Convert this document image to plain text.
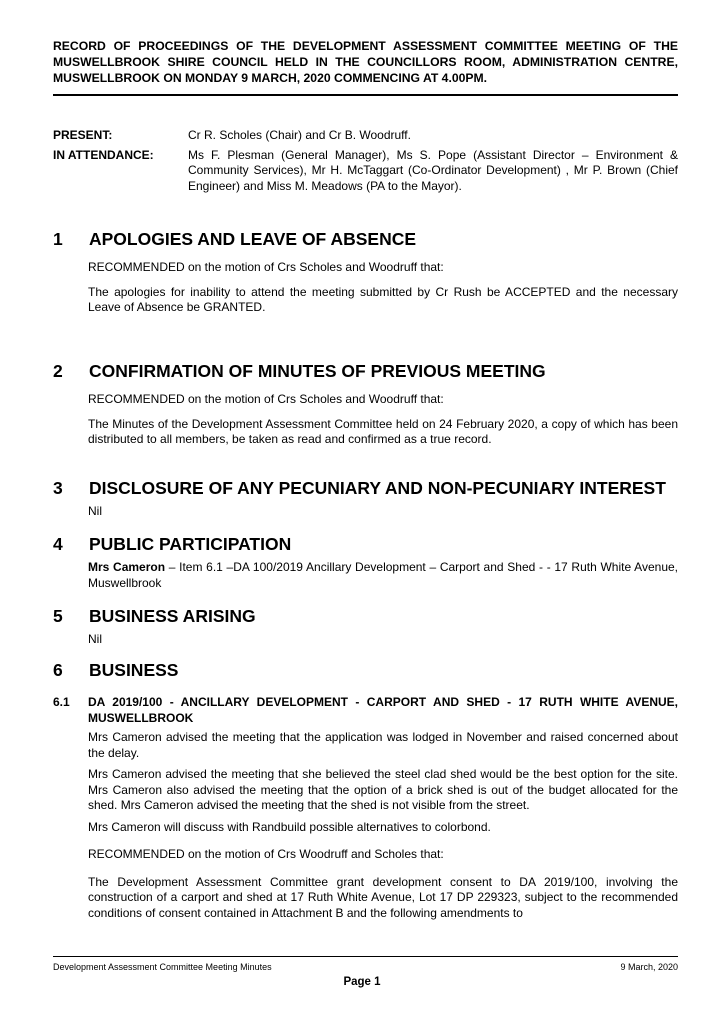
RECORD OF PROCEEDINGS OF THE DEVELOPMENT ASSESSMENT COMMITTEE MEETING OF THE MUSWELLBROOK SHIRE COUNCIL HELD IN THE COUNCILLORS ROOM, ADMINISTRATION CENTRE, MUSWELLBROOK ON MONDAY 9 MARCH, 2020 COMMENCING AT 4.00PM.
PRESENT:	Cr R. Scholes (Chair) and Cr B. Woodruff.
IN ATTENDANCE:	Ms F. Plesman (General Manager), Ms S. Pope (Assistant Director – Environment & Community Services), Mr H. McTaggart (Co-Ordinator Development) , Mr P. Brown (Chief Engineer) and Miss M. Meadows (PA to the Mayor).
1	APOLOGIES AND LEAVE OF ABSENCE

RECOMMENDED on the motion of Crs Scholes and Woodruff that:

The apologies for inability to attend the meeting submitted by Cr Rush be ACCEPTED and the necessary Leave of Absence be GRANTED.

2	CONFIRMATION OF MINUTES OF PREVIOUS MEETING

RECOMMENDED on the motion of Crs Scholes and Woodruff that:

The Minutes of the Development Assessment Committee held on 24 February 2020, a copy of which has been distributed to all members, be taken as read and confirmed as a true record.

3	DISCLOSURE OF ANY PECUNIARY AND NON-PECUNIARY INTEREST

Nil

4	PUBLIC PARTICIPATION

Mrs Cameron – Item 6.1 –DA 100/2019 Ancillary Development – Carport and Shed - - 17 Ruth White Avenue, Muswellbrook

5	BUSINESS ARISING

Nil

6	BUSINESS
6.1	DA 2019/100 - ANCILLARY DEVELOPMENT - CARPORT AND SHED - 17 RUTH WHITE AVENUE, MUSWELLBROOK

Mrs Cameron advised the meeting that the application was lodged in November and raised concerned about the delay.

Mrs Cameron advised the meeting that she believed the steel clad shed would be the best option for the site. Mrs Cameron also advised the meeting that the option of a brick shed is out of the budget allocated for the shed. Mrs Cameron advised the meeting that the shed is not visible from the street.

Mrs Cameron will discuss with Randbuild possible alternatives to colorbond.

RECOMMENDED on the motion of Crs Woodruff and Scholes that:

The Development Assessment Committee grant development consent to DA 2019/100, involving the construction of a carport and shed at 17 Ruth White Avenue, Lot 17 DP 229323, subject to the recommended conditions of consent contained in Attachment B and the following amendments to

Development Assessment Committee Meeting Minutes	9 March, 2020
Page 1
